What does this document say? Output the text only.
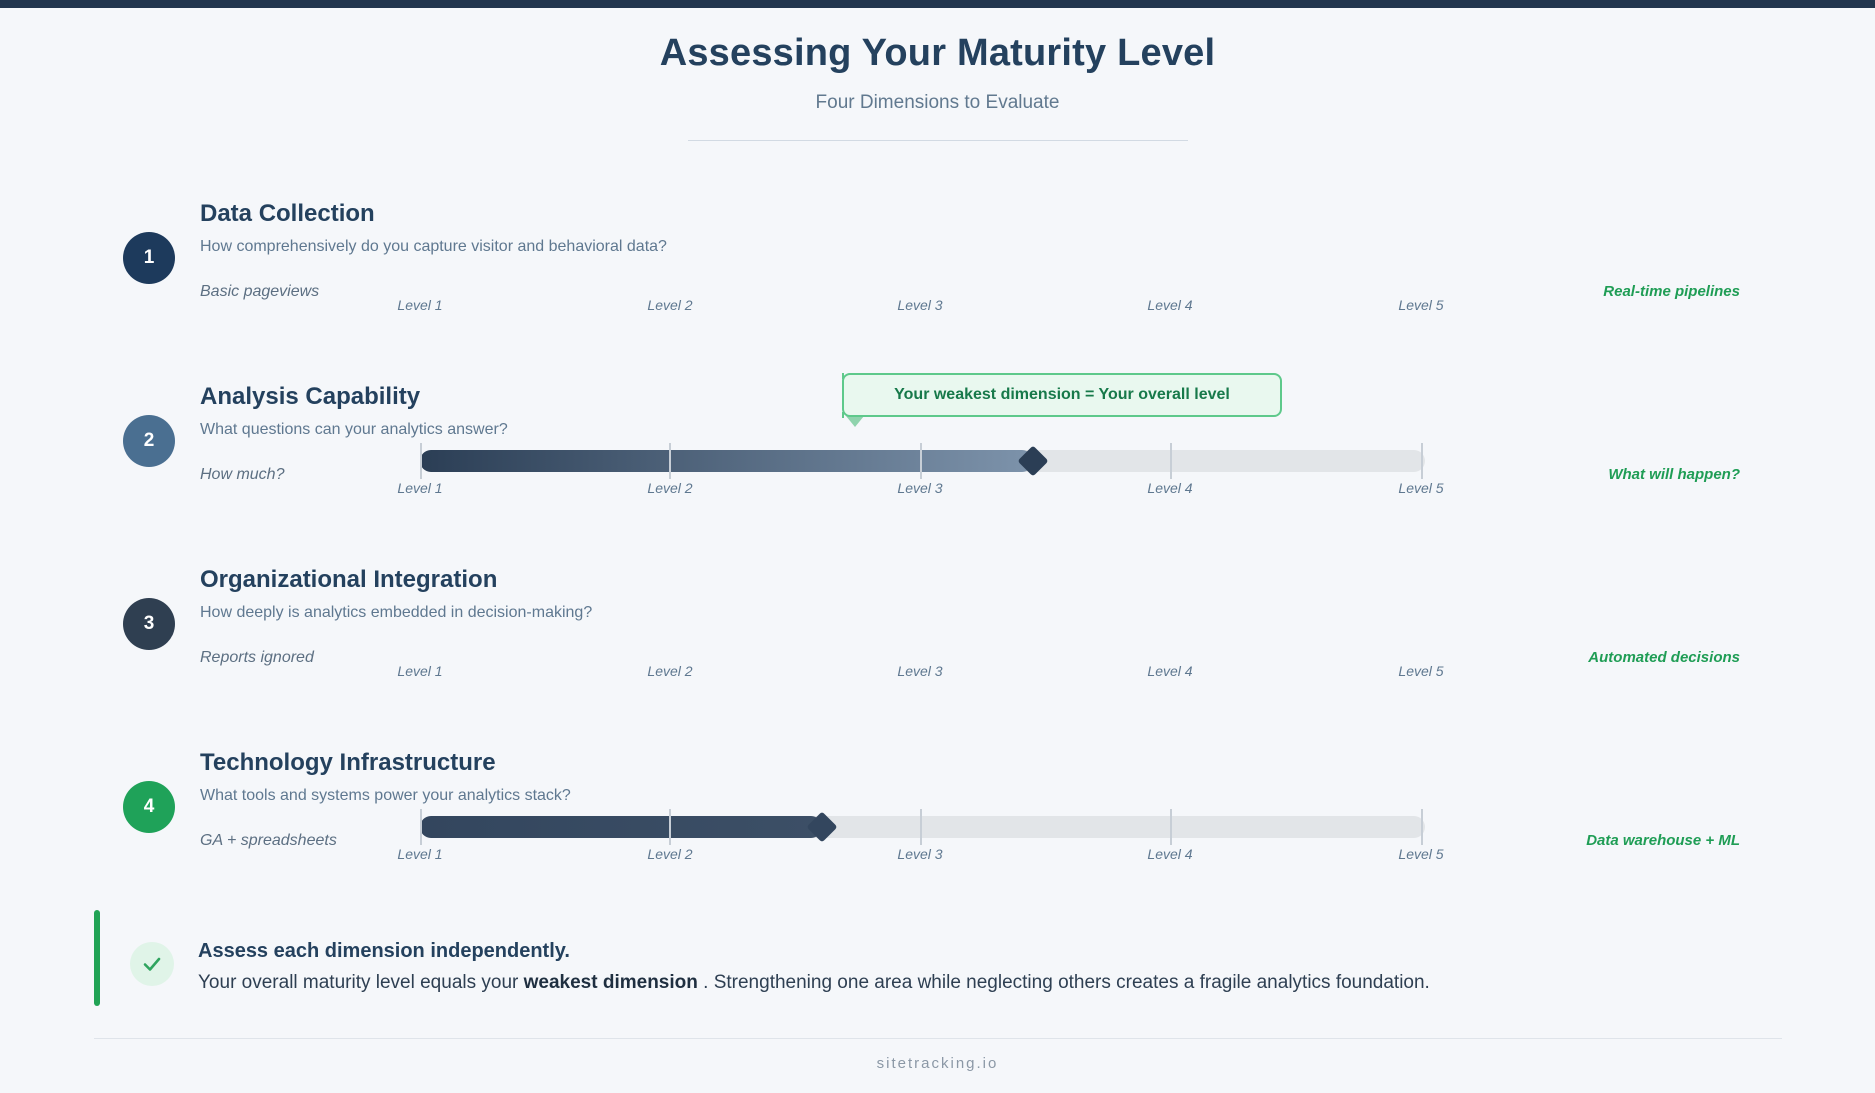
Assessing Your Maturity Level
Four Dimensions to Evaluate
1
Data Collection
How comprehensively do you capture visitor and behavioral data?
Basic pageviews	Real-time pipelines
Level 1	Level 2	Level 3	Level 4	Level 5
Your weakest dimension = Your overall level
2
Analysis Capability
What questions can your analytics answer?
How much?	What will happen?
Level 1	Level 2	Level 3	Level 4	Level 5
3
Organizational Integration
How deeply is analytics embedded in decision-making?
Reports ignored	Automated decisions
Level 1	Level 2	Level 3	Level 4	Level 5
4
Technology Infrastructure
What tools and systems power your analytics stack?
GA + spreadsheets	Data warehouse + ML
Level 1	Level 2	Level 3	Level 4	Level 5
Assess each dimension independently.
Your overall maturity level equals your weakest dimension . Strengthening one area while neglecting others creates a fragile analytics foundation.
sitetracking.io
